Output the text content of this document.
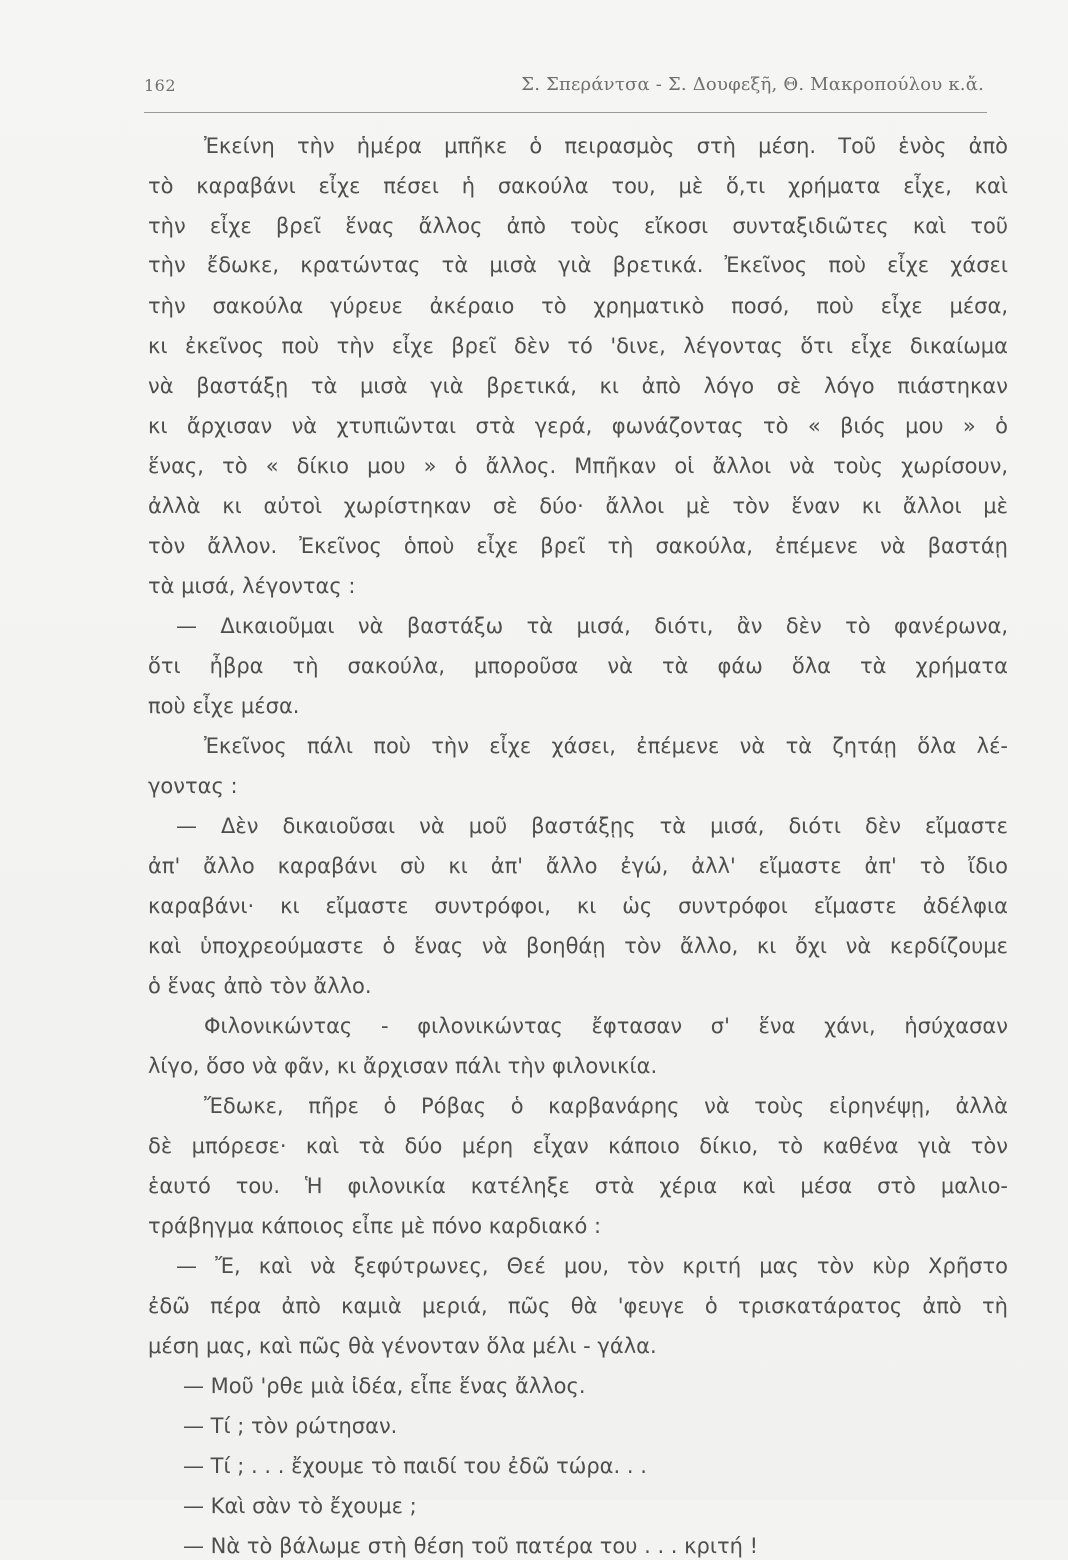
162	Σ. Σπεράντσα - Σ. Δουφεξῆ, Θ. Μακροπούλου κ.ἄ.
Ἐκείνη τὴν ἡμέρα μπῆκε ὁ πειρασμὸς στὴ μέση. Τοῦ ἑνὸς ἀπὸ
τὸ καραβάνι εἶχε πέσει ἡ σακούλα του, μὲ ὅ,τι χρήματα εἶχε, καὶ
τὴν εἶχε βρεῖ ἕνας ἄλλος ἀπὸ τοὺς εἴκοσι συνταξιδιῶτες καὶ τοῦ
τὴν ἔδωκε, κρατώντας τὰ μισὰ γιὰ βρετικά. Ἐκεῖνος ποὺ εἶχε χάσει
τὴν σακούλα γύρευε ἀκέραιο τὸ χρηματικὸ ποσό, ποὺ εἶχε μέσα,
κι ἐκεῖνος ποὺ τὴν εἶχε βρεῖ δὲν τό 'δινε, λέγοντας ὅτι εἶχε δικαίωμα
νὰ βαστάξῃ τὰ μισὰ γιὰ βρετικά, κι ἀπὸ λόγο σὲ λόγο πιάστηκαν
κι ἄρχισαν νὰ χτυπιῶνται στὰ γερά, φωνάζοντας τὸ « βιός μου » ὁ
ἕνας, τὸ « δίκιο μου » ὁ ἄλλος. Μπῆκαν οἱ ἄλλοι νὰ τοὺς χωρίσουν,
ἀλλὰ κι αὐτοὶ χωρίστηκαν σὲ δύο· ἄλλοι μὲ τὸν ἕναν κι ἄλλοι μὲ
τὸν ἄλλον. Ἐκεῖνος ὁποὺ εἶχε βρεῖ τὴ σακούλα, ἐπέμενε νὰ βαστάῃ
τὰ μισά, λέγοντας :
— Δικαιοῦμαι νὰ βαστάξω τὰ μισά, διότι, ἂν δὲν τὸ φανέρωνα,
ὅτι ἦβρα τὴ σακούλα, μποροῦσα νὰ τὰ φάω ὅλα τὰ χρήματα
ποὺ εἶχε μέσα.
Ἐκεῖνος πάλι ποὺ τὴν εἶχε χάσει, ἐπέμενε νὰ τὰ ζητάῃ ὅλα λέ-
γοντας :
— Δὲν δικαιοῦσαι νὰ μοῦ βαστάξῃς τὰ μισά, διότι δὲν εἴμαστε
ἀπ' ἄλλο καραβάνι σὺ κι ἀπ' ἄλλο ἐγώ, ἀλλ' εἴμαστε ἀπ' τὸ ἴδιο
καραβάνι· κι εἴμαστε συντρόφοι, κι ὡς συντρόφοι εἴμαστε ἀδέλφια
καὶ ὑποχρεούμαστε ὁ ἕνας νὰ βοηθάῃ τὸν ἄλλο, κι ὄχι νὰ κερδίζουμε
ὁ ἕνας ἀπὸ τὸν ἄλλο.
Φιλονικώντας - φιλονικώντας ἔφτασαν σ' ἕνα χάνι, ἡσύχασαν
λίγο, ὅσο νὰ φᾶν, κι ἄρχισαν πάλι τὴν φιλονικία.
Ἔδωκε, πῆρε ὁ Ρόβας ὁ καρβανάρης νὰ τοὺς εἰρηνέψῃ, ἀλλὰ
δὲ μπόρεσε· καὶ τὰ δύο μέρη εἶχαν κάποιο δίκιο, τὸ καθένα γιὰ τὸν
ἑαυτό του. Ἡ φιλονικία κατέληξε στὰ χέρια καὶ μέσα στὸ μαλιο-
τράβηγμα κάποιος εἶπε μὲ πόνο καρδιακό :
— Ἔ, καὶ νὰ ξεφύτρωνες, Θεέ μου, τὸν κριτή μας τὸν κὺρ Χρῆστο
ἐδῶ πέρα ἀπὸ καμιὰ μεριά, πῶς θὰ 'φευγε ὁ τρισκατάρατος ἀπὸ τὴ
μέση μας, καὶ πῶς θὰ γένονταν ὅλα μέλι - γάλα.
— Μοῦ 'ρθε μιὰ ἰδέα, εἶπε ἕνας ἄλλος.
— Τί ; τὸν ρώτησαν.
— Τί ; . . . ἔχουμε τὸ παιδί του ἐδῶ τώρα. . .
— Καὶ σὰν τὸ ἔχουμε ;
— Νὰ τὸ βάλωμε στὴ θέση τοῦ πατέρα του . . . κριτή !
